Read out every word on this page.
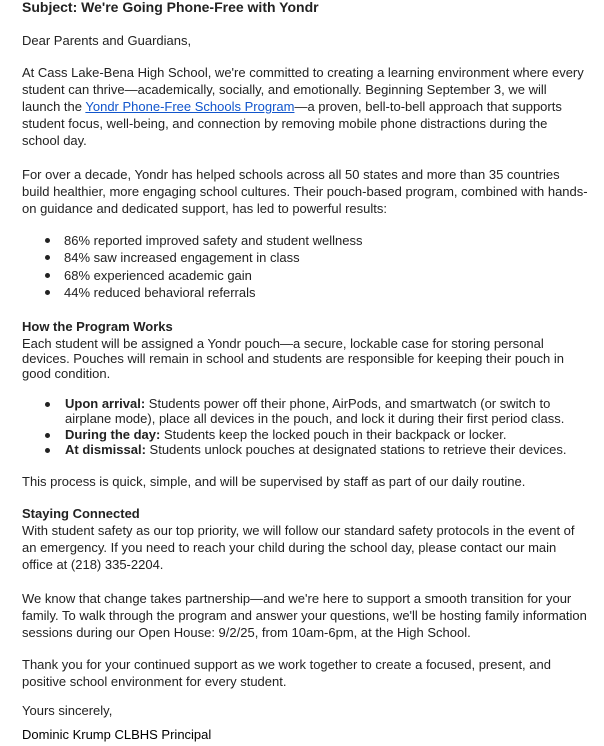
Subject: We're Going Phone-Free with Yondr

Dear Parents and Guardians,

At Cass Lake-Bena High School, we're committed to creating a learning environment where every student can thrive—academically, socially, and emotionally. Beginning September 3, we will launch the Yondr Phone-Free Schools Program—a proven, bell-to-bell approach that supports student focus, well-being, and connection by removing mobile phone distractions during the school day.

For over a decade, Yondr has helped schools across all 50 states and more than 35 countries build healthier, more engaging school cultures. Their pouch-based program, combined with hands-on guidance and dedicated support, has led to powerful results:

86% reported improved safety and student wellness
84% saw increased engagement in class
68% experienced academic gain
44% reduced behavioral referrals

How the Program Works

Each student will be assigned a Yondr pouch—a secure, lockable case for storing personal devices. Pouches will remain in school and students are responsible for keeping their pouch in good condition.

Upon arrival: Students power off their phone, AirPods, and smartwatch (or switch to airplane mode), place all devices in the pouch, and lock it during their first period class.
During the day: Students keep the locked pouch in their backpack or locker.
At dismissal: Students unlock pouches at designated stations to retrieve their devices.

This process is quick, simple, and will be supervised by staff as part of our daily routine.

Staying Connected

With student safety as our top priority, we will follow our standard safety protocols in the event of an emergency. If you need to reach your child during the school day, please contact our main office at (218) 335-2204.

We know that change takes partnership—and we're here to support a smooth transition for your family. To walk through the program and answer your questions, we'll be hosting family information sessions during our Open House: 9/2/25, from 10am-6pm, at the High School.

Thank you for your continued support as we work together to create a focused, present, and positive school environment for every student.

Yours sincerely,

Dominic Krump CLBHS Principal
